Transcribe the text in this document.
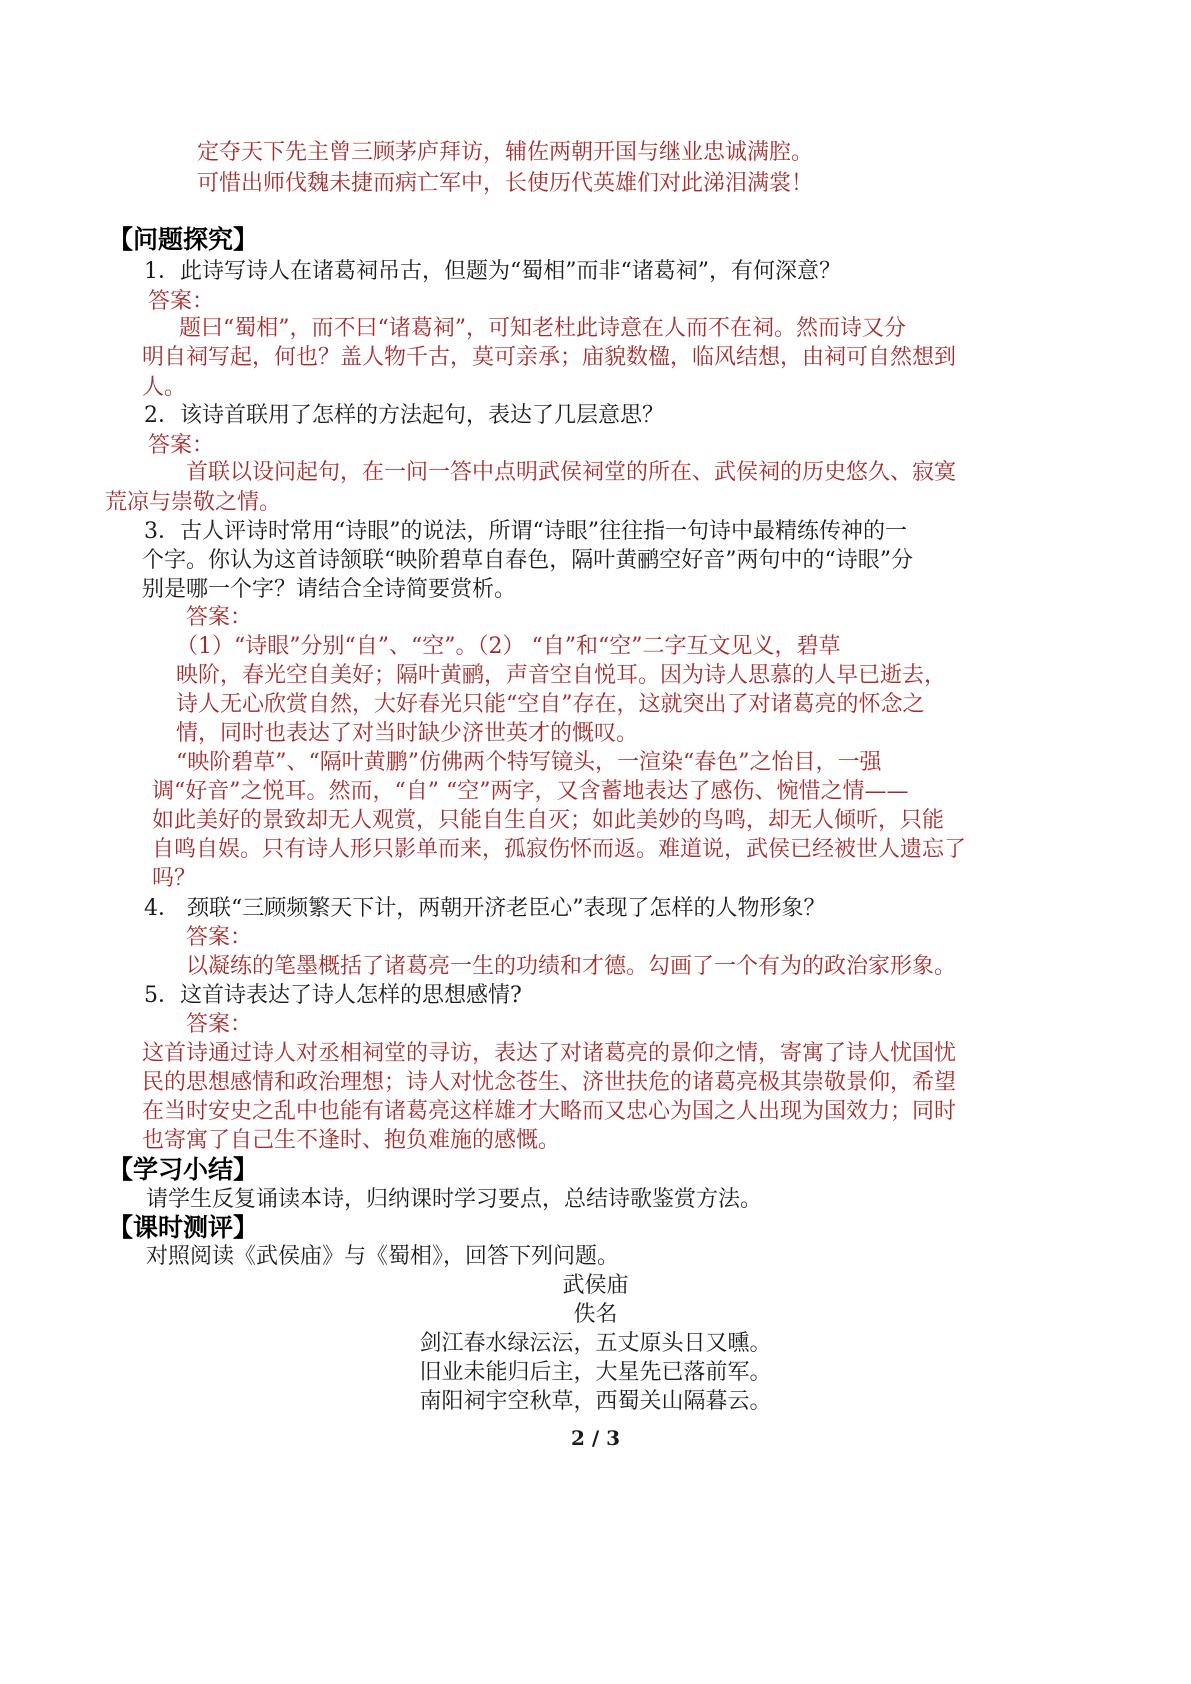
定夺天下先主曾三顾茅庐拜访，辅佐两朝开国与继业忠诚满腔。
可惜出师伐魏未捷而病亡军中，长使历代英雄们对此涕泪满裳！
【问题探究】
1．此诗写诗人在诸葛祠吊古，但题为“蜀相”而非“诸葛祠”，有何深意？
答案：
题曰“蜀相”，而不曰“诸葛祠”，可知老杜此诗意在人而不在祠。然而诗又分
明自祠写起，何也？盖人物千古，莫可亲承；庙貌数楹，临风结想，由祠可自然想到
人。
2．该诗首联用了怎样的方法起句，表达了几层意思？
答案：
首联以设问起句，在一问一答中点明武侯祠堂的所在、武侯祠的历史悠久、寂寞
荒凉与崇敬之情。
3．古人评诗时常用“诗眼”的说法，所谓“诗眼”往往指一句诗中最精练传神的一
个字。你认为这首诗颔联“映阶碧草自春色，隔叶黄鹂空好音”两句中的“诗眼”分
别是哪一个字？请结合全诗简要赏析。
答案：
（1）“诗眼”分别“自”、“空”。（2） “自”和“空”二字互文见义，碧草
映阶，春光空自美好；隔叶黄鹂，声音空自悦耳。因为诗人思慕的人早已逝去，
诗人无心欣赏自然，大好春光只能“空自”存在，这就突出了对诸葛亮的怀念之
情，同时也表达了对当时缺少济世英才的慨叹。
“映阶碧草”、“隔叶黄鹏”仿佛两个特写镜头，一渲染“春色”之怡目，一强
调“好音”之悦耳。然而，“自” “空”两字，又含蓄地表达了感伤、惋惜之情——
如此美好的景致却无人观赏，只能自生自灭；如此美妙的鸟鸣，却无人倾听，只能
自鸣自娱。只有诗人形只影单而来，孤寂伤怀而返。难道说，武侯已经被世人遗忘了
吗？
4． 颈联“三顾频繁天下计，两朝开济老臣心”表现了怎样的人物形象？
答案：
以凝练的笔墨概括了诸葛亮一生的功绩和才德。勾画了一个有为的政治家形象。
5．这首诗表达了诗人怎样的思想感情?
答案：
这首诗通过诗人对丞相祠堂的寻访，表达了对诸葛亮的景仰之情，寄寓了诗人忧国忧
民的思想感情和政治理想；诗人对忧念苍生、济世扶危的诸葛亮极其崇敬景仰，希望
在当时安史之乱中也能有诸葛亮这样雄才大略而又忠心为国之人出现为国效力；同时
也寄寓了自己生不逢时、抱负难施的感慨。
【学习小结】
请学生反复诵读本诗，归纳课时学习要点，总结诗歌鉴赏方法。
【课时测评】
对照阅读《武侯庙》与《蜀相》，回答下列问题。
武侯庙
佚名
剑江春水绿沄沄，五丈原头日又曛。
旧业未能归后主，大星先已落前军。
南阳祠宇空秋草，西蜀关山隔暮云。
2 / 3
